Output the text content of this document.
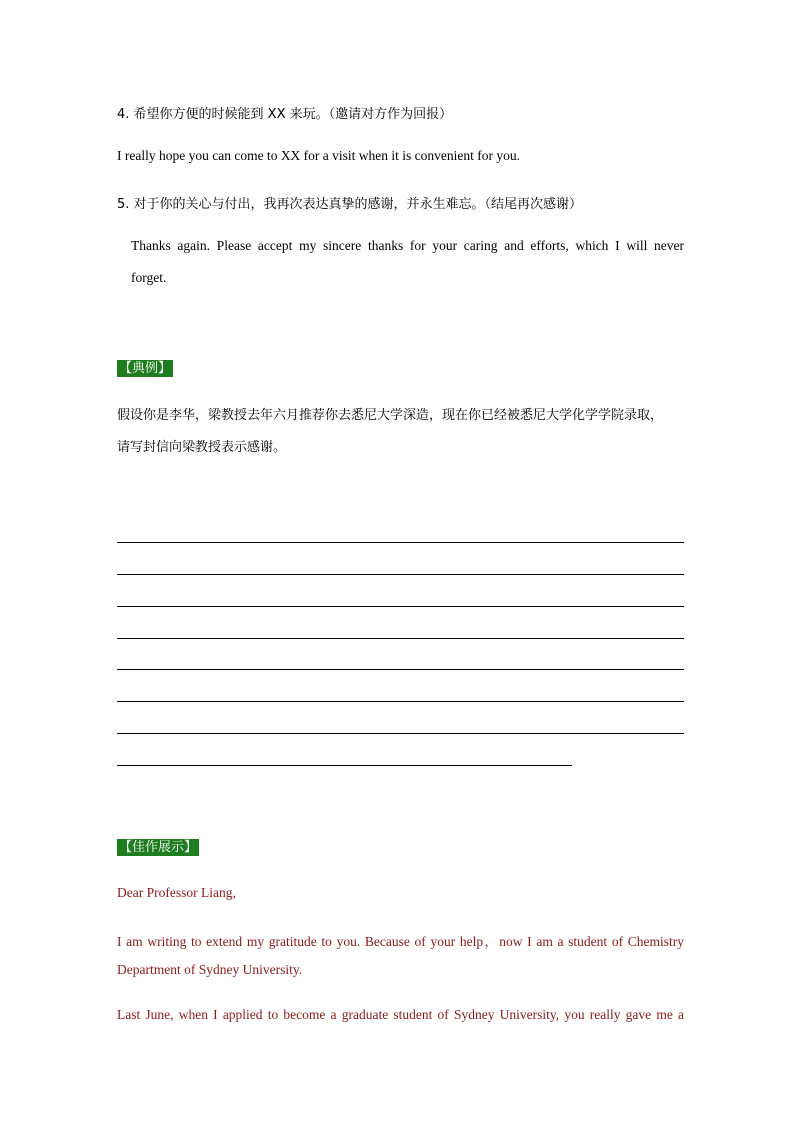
4. 希望你方便的时候能到 XX 来玩。（邀请对方作为回报）
I really hope you can come to XX for a visit when it is convenient for you.
5. 对于你的关心与付出，我再次表达真挚的感谢，并永生难忘。（结尾再次感谢）
Thanks again. Please accept my sincere thanks for your caring and efforts, which I will never
forget.
【典例】
假设你是李华，梁教授去年六月推荐你去悉尼大学深造，现在你已经被悉尼大学化学学院录取，
请写封信向梁教授表示感谢。
【佳作展示】
Dear Professor Liang,
I am writing to extend my gratitude to you. Because of your help，now I am a student of Chemistry
Department of Sydney University.
Last June, when I applied to become a graduate student of Sydney University, you really gave me a
